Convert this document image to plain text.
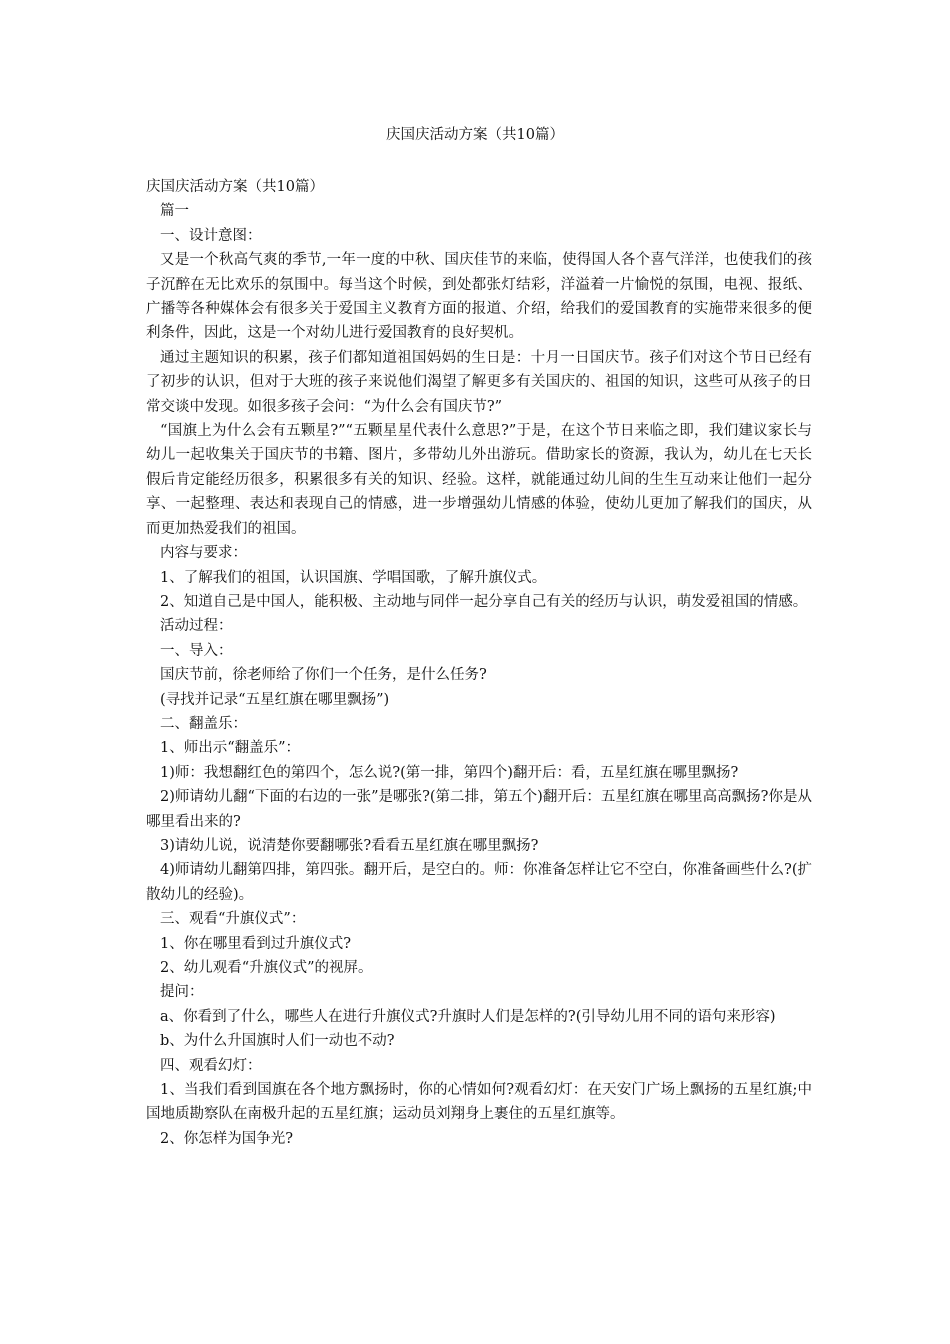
庆国庆活动方案（共10篇）

庆国庆活动方案（共10篇）

篇一

一、设计意图：

又是一个秋高气爽的季节,一年一度的中秋、国庆佳节的来临，使得国人各个喜气洋洋，也使我们的孩子沉醉在无比欢乐的氛围中。每当这个时候，到处都张灯结彩，洋溢着一片愉悦的氛围，电视、报纸、广播等各种媒体会有很多关于爱国主义教育方面的报道、介绍，给我们的爱国教育的实施带来很多的便利条件，因此，这是一个对幼儿进行爱国教育的良好契机。

通过主题知识的积累，孩子们都知道祖国妈妈的生日是：十月一日国庆节。孩子们对这个节日已经有了初步的认识，但对于大班的孩子来说他们渴望了解更多有关国庆的、祖国的知识，这些可从孩子的日常交谈中发现。如很多孩子会问：“为什么会有国庆节?”

“国旗上为什么会有五颗星?”“五颗星星代表什么意思?”于是，在这个节日来临之即，我们建议家长与幼儿一起收集关于国庆节的书籍、图片，多带幼儿外出游玩。借助家长的资源，我认为，幼儿在七天长假后肯定能经历很多，积累很多有关的知识、经验。这样，就能通过幼儿间的生生互动来让他们一起分享、一起整理、表达和表现自己的情感，进一步增强幼儿情感的体验，使幼儿更加了解我们的国庆，从而更加热爱我们的祖国。

内容与要求：

1、了解我们的祖国，认识国旗、学唱国歌，了解升旗仪式。

2、知道自己是中国人，能积极、主动地与同伴一起分享自己有关的经历与认识，萌发爱祖国的情感。

活动过程：

一、导入：

国庆节前，徐老师给了你们一个任务，是什么任务?

(寻找并记录“五星红旗在哪里飘扬”)

二、翻盖乐：

1、师出示“翻盖乐”：

1)师：我想翻红色的第四个，怎么说?(第一排，第四个)翻开后：看，五星红旗在哪里飘扬?

2)师请幼儿翻“下面的右边的一张”是哪张?(第二排，第五个)翻开后：五星红旗在哪里高高飘扬?你是从哪里看出来的?

3)请幼儿说，说清楚你要翻哪张?看看五星红旗在哪里飘扬?

4)师请幼儿翻第四排，第四张。翻开后，是空白的。师：你准备怎样让它不空白，你准备画些什么?(扩散幼儿的经验)。

三、观看“升旗仪式”：

1、你在哪里看到过升旗仪式?

2、幼儿观看“升旗仪式”的视屏。

提问：

a、你看到了什么，哪些人在进行升旗仪式?升旗时人们是怎样的?(引导幼儿用不同的语句来形容)

b、为什么升国旗时人们一动也不动?

四、观看幻灯：

1、当我们看到国旗在各个地方飘扬时，你的心情如何?观看幻灯：在天安门广场上飘扬的五星红旗;中国地质勘察队在南极升起的五星红旗；运动员刘翔身上裹住的五星红旗等。

2、你怎样为国争光?
